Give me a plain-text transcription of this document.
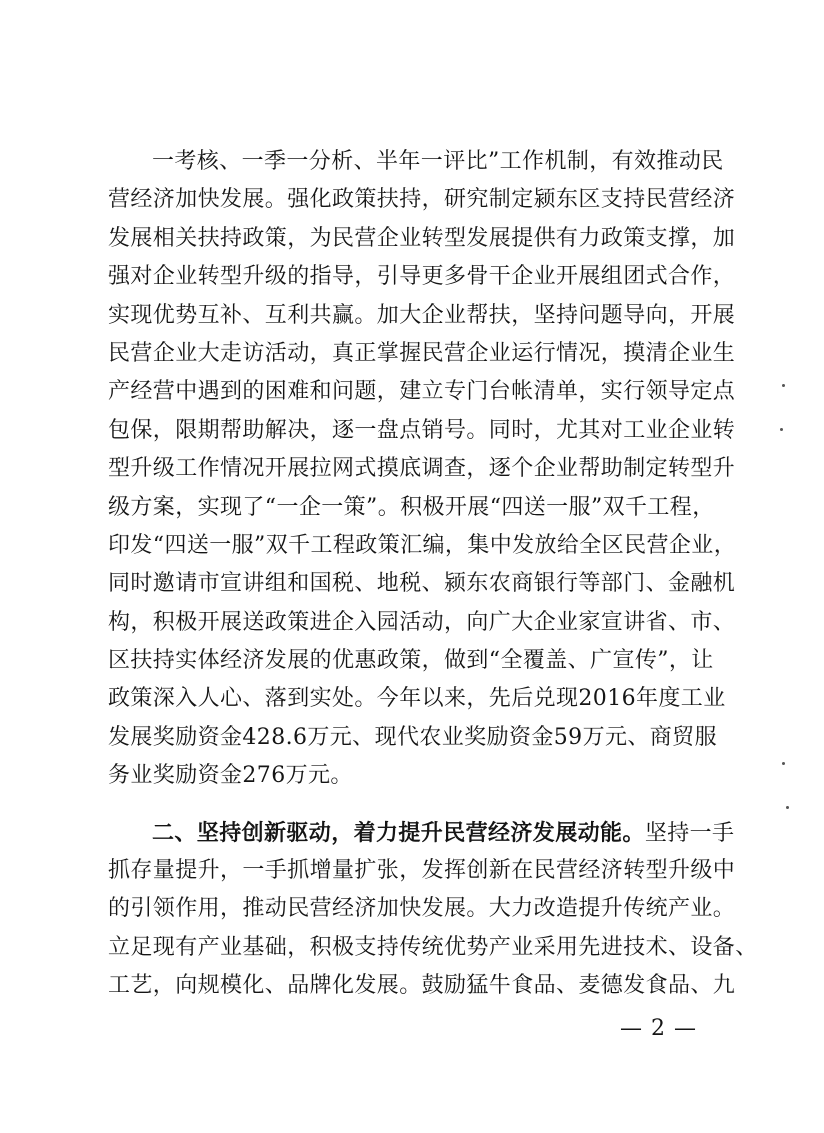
一考核、一季一分析、半年一评比”工作机制，有效推动民
营经济加快发展。强化政策扶持，研究制定颍东区支持民营经济
发展相关扶持政策，为民营企业转型发展提供有力政策支撑，加
强对企业转型升级的指导，引导更多骨干企业开展组团式合作，
实现优势互补、互利共赢。加大企业帮扶，坚持问题导向，开展
民营企业大走访活动，真正掌握民营企业运行情况，摸清企业生
产经营中遇到的困难和问题，建立专门台帐清单，实行领导定点
包保，限期帮助解决，逐一盘点销号。同时，尤其对工业企业转
型升级工作情况开展拉网式摸底调查，逐个企业帮助制定转型升
级方案，实现了“一企一策”。积极开展“四送一服”双千工程，
印发“四送一服”双千工程政策汇编，集中发放给全区民营企业，
同时邀请市宣讲组和国税、地税、颍东农商银行等部门、金融机
构，积极开展送政策进企入园活动，向广大企业家宣讲省、市、
区扶持实体经济发展的优惠政策，做到“全覆盖、广宣传”，让
政策深入人心、落到实处。今年以来，先后兑现2016年度工业
发展奖励资金428.6万元、现代农业奖励资金59万元、商贸服
务业奖励资金276万元。
二、坚持创新驱动，着力提升民营经济发展动能。坚持一手
抓存量提升，一手抓增量扩张，发挥创新在民营经济转型升级中
的引领作用，推动民营经济加快发展。大力改造提升传统产业。
立足现有产业基础，积极支持传统优势产业采用先进技术、设备、
工艺，向规模化、品牌化发展。鼓励猛牛食品、麦德发食品、九
— 2 —
